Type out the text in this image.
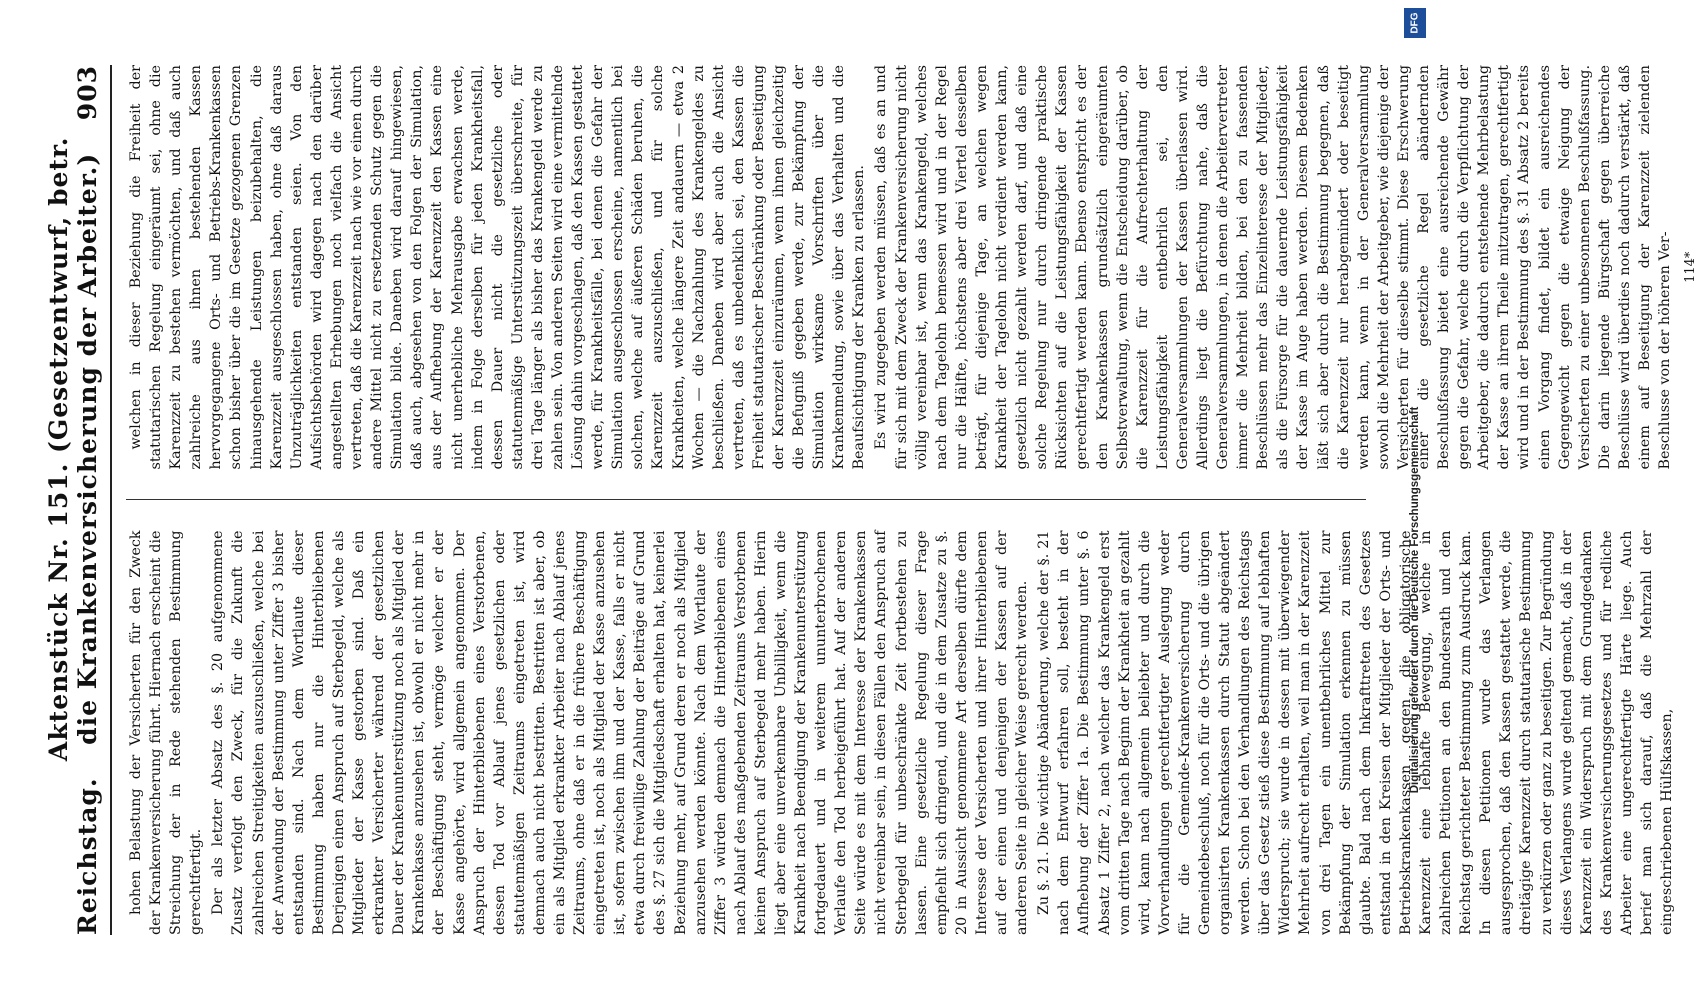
Reichstag.
Aktenstück Nr. 151. (Gesetzentwurf, betr. die Krankenversicherung der Arbeiter.)
903

hohen Belastung der Versicherten für den Zweck der Krankenversicherung führt. Hiernach erscheint die Streichung der in Rede stehenden Bestimmung gerechtfertigt. Der als letzter Absatz des §. 20 aufgenommene Zusatz verfolgt den Zweck, für die Zukunft die zahlreichen Streitigkeiten auszuschließen, welche bei der Anwendung der Bestimmung unter Ziffer 3 bisher entstanden sind. Nach dem Wortlaute dieser Bestimmung haben nur die Hinterbliebenen Derjenigen einen Anspruch auf Sterbegeld, welche als Mitglieder der Kasse gestorben sind. Daß ein erkrankter Versicherter während der gesetzlichen Dauer der Krankenunterstützung noch als Mitglied der Krankenkasse anzusehen ist, obwohl er nicht mehr in der Beschäftigung steht, vermöge welcher er der Kasse angehörte, wird allgemein angenommen. Der Anspruch der Hinterbliebenen eines Verstorbenen, dessen Tod vor Ablauf jenes gesetzlichen oder statutenmäßigen Zeitraums eingetreten ist, wird demnach auch nicht bestritten. Bestritten ist aber, ob ein als Mitglied erkrankter Arbeiter nach Ablauf jenes Zeitraums, ohne daß er in die frühere Beschäftigung eingetreten ist, noch als Mitglied der Kasse anzusehen ist, sofern zwischen ihm und der Kasse, falls er nicht etwa durch freiwillige Zahlung der Beiträge auf Grund des §. 27 sich die Mitgliedschaft erhalten hat, keinerlei Beziehung mehr, auf Grund deren er noch als Mitglied anzusehen werden könnte. Nach dem Wortlaute der Ziffer 3 würden demnach die Hinterbliebenen eines nach Ablauf des maßgebenden Zeitraums Verstorbenen keinen Anspruch auf Sterbegeld mehr haben. Hierin liegt aber eine unverkennbare Unbilligkeit, wenn die Krankheit nach Beendigung der Krankenunterstützung fortgedauert und in weiterem ununterbrochenen Verlaufe den Tod herbeigeführt hat. Auf der anderen Seite würde es mit dem Interesse der Krankenkassen nicht vereinbar sein, in diesen Fällen den Anspruch auf Sterbegeld für unbeschränkte Zeit fortbestehen zu lassen. Eine gesetzliche Regelung dieser Frage empfiehlt sich dringend, und die in dem Zusatze zu §. 20 in Aussicht genommene Art derselben dürfte dem Interesse der Versicherten und ihrer Hinterbliebenen auf der einen und denjenigen der Kassen auf der anderen Seite in gleicher Weise gerecht werden. Zu §. 21. Die wichtige Abänderung, welche der §. 21 nach dem Entwurf erfahren soll, besteht in der Aufhebung der Ziffer 1a. Die Bestimmung unter §. 6 Absatz 1 Ziffer 2, nach welcher das Krankengeld erst vom dritten Tage nach Beginn der Krankheit an gezahlt wird, kann nach allgemein beliebter und durch die Vorverhandlungen gerechtfertigter Auslegung weder für die Gemeinde-Krankenversicherung durch Gemeindebeschluß, noch für die Orts- und die übrigen organisirten Krankenkassen durch Statut abgeändert werden. Schon bei den Verhandlungen des Reichstags über das Gesetz stieß diese Bestimmung auf lebhaften Widerspruch; sie wurde in dessen mit überwiegender Mehrheit aufrecht erhalten, weil man in der Karenzzeit von drei Tagen ein unentbehrliches Mittel zur Bekämpfung der Simulation erkennen zu müssen glaubte. Bald nach dem Inkrafttreten des Gesetzes entstand in den Kreisen der Mitglieder der Orts- und Betriebskrankenkassen gegen die obligatorische Karenzzeit eine lebhafte Bewegung, welche in zahlreichen Petitionen an den Bundesrath und den Reichstag gerichteter Bestimmung zum Ausdruck kam. In diesen Petitionen wurde das Verlangen ausgesprochen, daß den Kassen gestattet werde, die dreitägige Karenzzeit durch statutarische Bestimmung zu verkürzen oder ganz zu beseitigen. Zur Begründung dieses Verlangens wurde geltend gemacht, daß in der Karenzzeit ein Widerspruch mit dem Grundgedanken des Krankenversicherungsgesetzes und für redliche Arbeiter eine ungerechtfertigte Härte liege. Auch berief man sich darauf, daß die Mehrzahl der eingeschriebenen Hülfskassen,

welchen in dieser Beziehung die Freiheit der statutarischen Regelung eingeräumt sei, ohne die Karenzzeit zu bestehen vermöchten, und daß auch zahlreiche aus ihnen bestehenden Kassen hervorgegangene Orts- und Betriebs-Krankenkassen schon bisher über die im Gesetze gezogenen Grenzen hinausgehende Leistungen beizubehalten, die Karenzzeit ausgeschlossen haben, ohne daß daraus Unzuträglichkeiten entstanden seien. Von den Aufsichtsbehörden wird dagegen nach den darüber angestellten Erhebungen noch vielfach die Ansicht vertreten, daß die Karenzzeit nach wie vor einen durch andere Mittel nicht zu ersetzenden Schutz gegen die Simulation bilde. Daneben wird darauf hingewiesen, daß auch, abgesehen von den Folgen der Simulation, aus der Aufhebung der Karenzzeit den Kassen eine nicht unerhebliche Mehrausgabe erwachsen werde, indem in Folge derselben für jeden Krankheitsfall, dessen Dauer nicht die gesetzliche oder statutenmäßige Unterstützungszeit überschreite, für drei Tage länger als bisher das Krankengeld werde zu zahlen sein. Von anderen Seiten wird eine vermittelnde Lösung dahin vorgeschlagen, daß den Kassen gestattet werde, für Krankheitsfälle, bei denen die Gefahr der Simulation ausgeschlossen erscheine, namentlich bei solchen, welche auf äußeren Schäden beruhen, die Karenzzeit auszuschließen, und für solche Krankheiten, welche längere Zeit andauern — etwa 2 Wochen — die Nachzahlung des Krankengeldes zu beschließen. Daneben wird aber auch die Ansicht vertreten, daß es unbedenklich sei, den Kassen die Freiheit statutarischer Beschränkung oder Beseitigung der Karenzzeit einzuräumen, wenn ihnen gleichzeitig die Befugniß gegeben werde, zur Bekämpfung der Simulation wirksame Vorschriften über die Krankenmeldung, sowie über das Verhalten und die Beaufsichtigung der Kranken zu erlassen. Es wird zugegeben werden müssen, daß es an und für sich mit dem Zweck der Krankenversicherung nicht völlig vereinbar ist, wenn das Krankengeld, welches nach dem Tagelohn bemessen wird und in der Regel nur die Hälfte, höchstens aber drei Viertel desselben beträgt, für diejenige Tage, an welchen wegen Krankheit der Tagelohn nicht verdient werden kann, gesetzlich nicht gezahlt werden darf, und daß eine solche Regelung nur durch dringende praktische Rücksichten auf die Leistungsfähigkeit der Kassen gerechtfertigt werden kann. Ebenso entspricht es der den Krankenkassen grundsätzlich eingeräumten Selbstverwaltung, wenn die Entscheidung darüber, ob die Karenzzeit für die Aufrechterhaltung der Leistungsfähigkeit entbehrlich sei, den Generalversammlungen der Kassen überlassen wird. Allerdings liegt die Befürchtung nahe, daß die Generalversammlungen, in denen die Arbeitervertreter immer die Mehrheit bilden, bei den zu fassenden Beschlüssen mehr das Einzelinteresse der Mitglieder, als die Fürsorge für die dauernde Leistungsfähigkeit der Kasse im Auge haben werden. Diesem Bedenken läßt sich aber durch die Bestimmung begegnen, daß die Karenzzeit nur herabgemindert oder beseitigt werden kann, wenn in der Generalversammlung sowohl die Mehrheit der Arbeitgeber, wie diejenige der Versicherten für dieselbe stimmt. Diese Erschwerung einer die gesetzliche Regel abändernden Beschlußfassung bietet eine ausreichende Gewähr gegen die Gefahr, welche durch die Verpflichtung der Arbeitgeber, die dadurch entstehende Mehrbelastung der Kasse an ihrem Theile mitzutragen, gerechtfertigt wird und in der Bestimmung des §. 31 Absatz 2 bereits einen Vorgang findet, bildet ein ausreichendes Gegengewicht gegen die etwaige Neigung der Versicherten zu einer unbesonnenen Beschlußfassung. Die darin liegende Bürgschaft gegen überreiche Beschlüsse wird überdies noch dadurch verstärkt, daß einem auf Beseitigung der Karenzzeit zielenden Beschlusse von der höheren Ver- 114*
DFG
Digitalisierung gefördert durch die Deutsche Forschungsgemeinschaft
